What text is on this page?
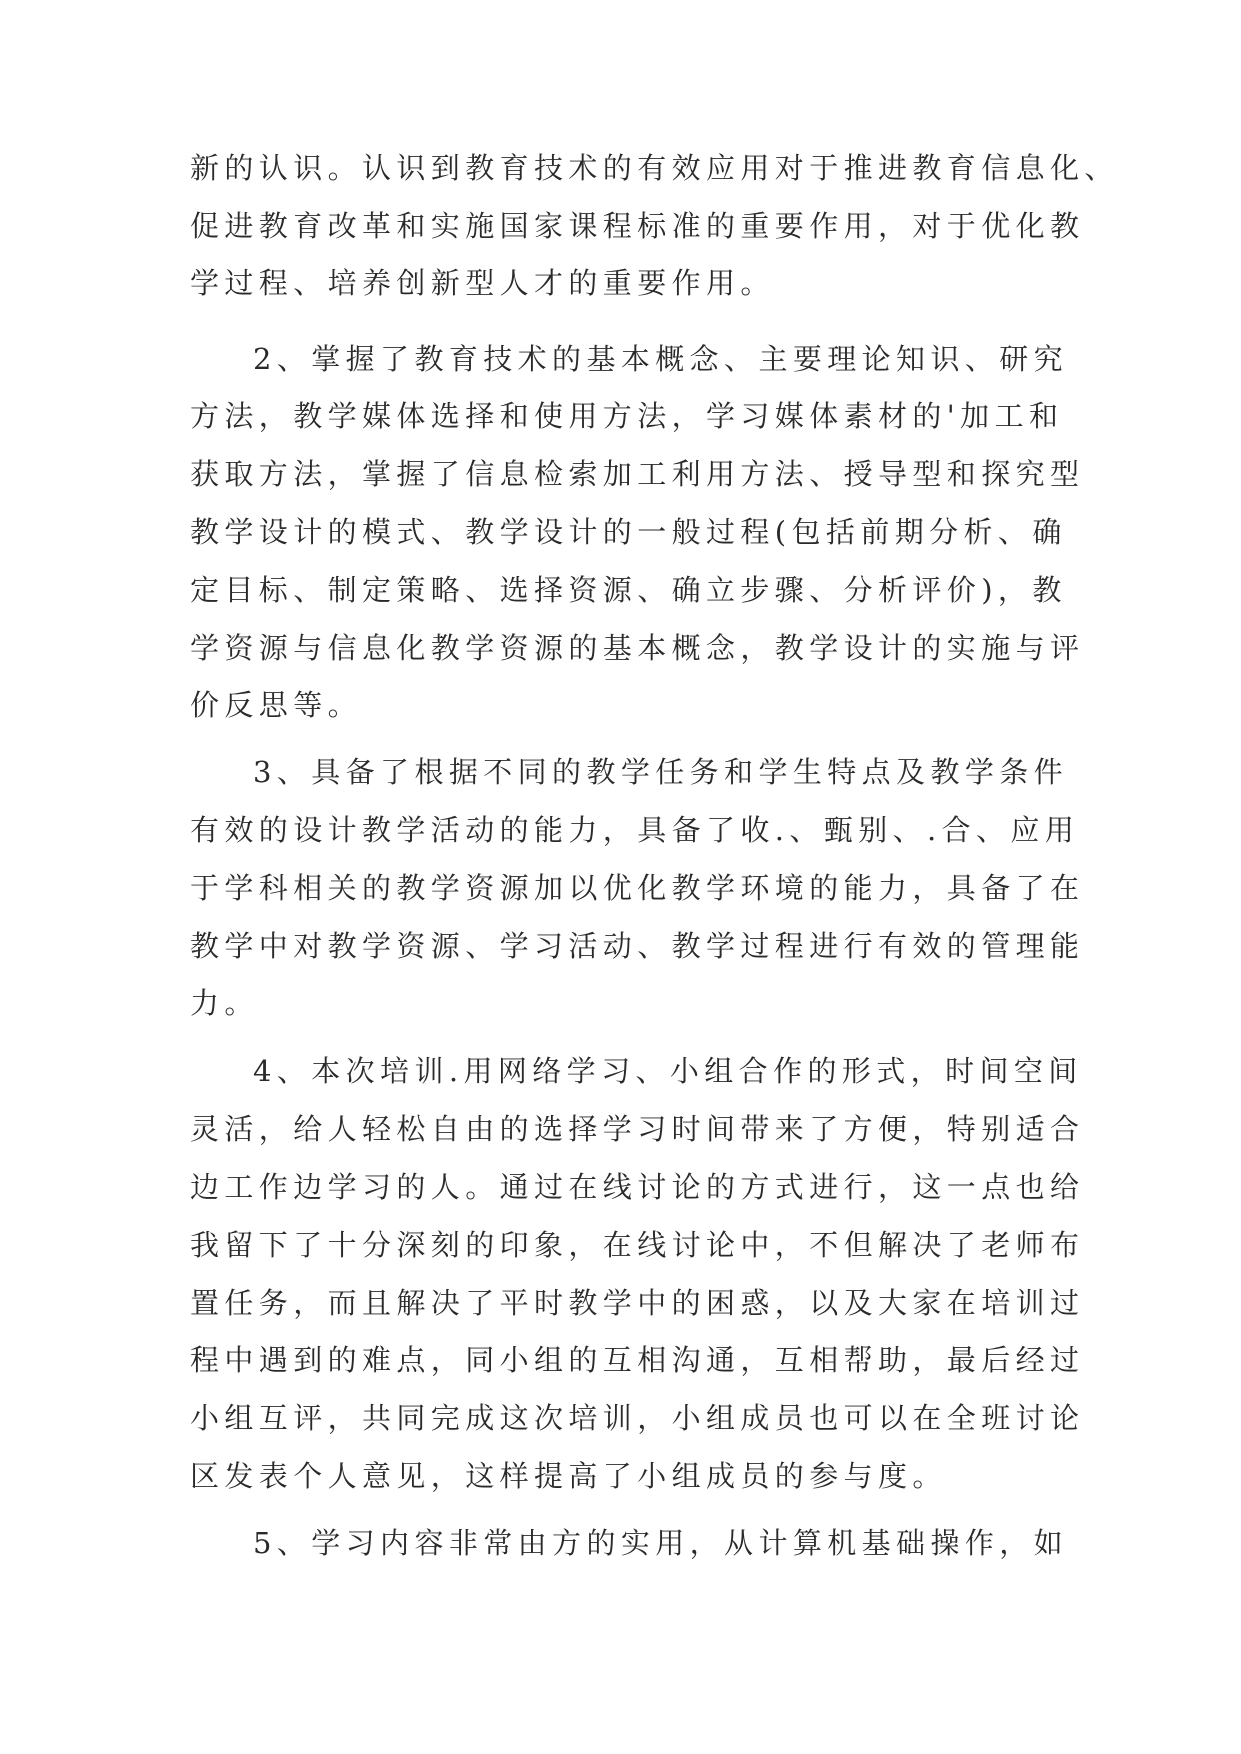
新的认识。认识到教育技术的有效应用对于推进教育信息化、
促进教育改革和实施国家课程标准的重要作用，对于优化教
学过程、培养创新型人才的重要作用。
2、掌握了教育技术的基本概念、主要理论知识、研究
方法，教学媒体选择和使用方法，学习媒体素材的'加工和
获取方法，掌握了信息检索加工利用方法、授导型和探究型
教学设计的模式、教学设计的一般过程(包括前期分析、确
定目标、制定策略、选择资源、确立步骤、分析评价)，教
学资源与信息化教学资源的基本概念，教学设计的实施与评
价反思等。
3、具备了根据不同的教学任务和学生特点及教学条件
有效的设计教学活动的能力，具备了收.、甄别、.合、应用
于学科相关的教学资源加以优化教学环境的能力，具备了在
教学中对教学资源、学习活动、教学过程进行有效的管理能
力。
4、本次培训.用网络学习、小组合作的形式，时间空间
灵活，给人轻松自由的选择学习时间带来了方便，特别适合
边工作边学习的人。通过在线讨论的方式进行，这一点也给
我留下了十分深刻的印象，在线讨论中，不但解决了老师布
置任务，而且解决了平时教学中的困惑，以及大家在培训过
程中遇到的难点，同小组的互相沟通，互相帮助，最后经过
小组互评，共同完成这次培训，小组成员也可以在全班讨论
区发表个人意见，这样提高了小组成员的参与度。
5、学习内容非常由方的实用，从计算机基础操作，如
